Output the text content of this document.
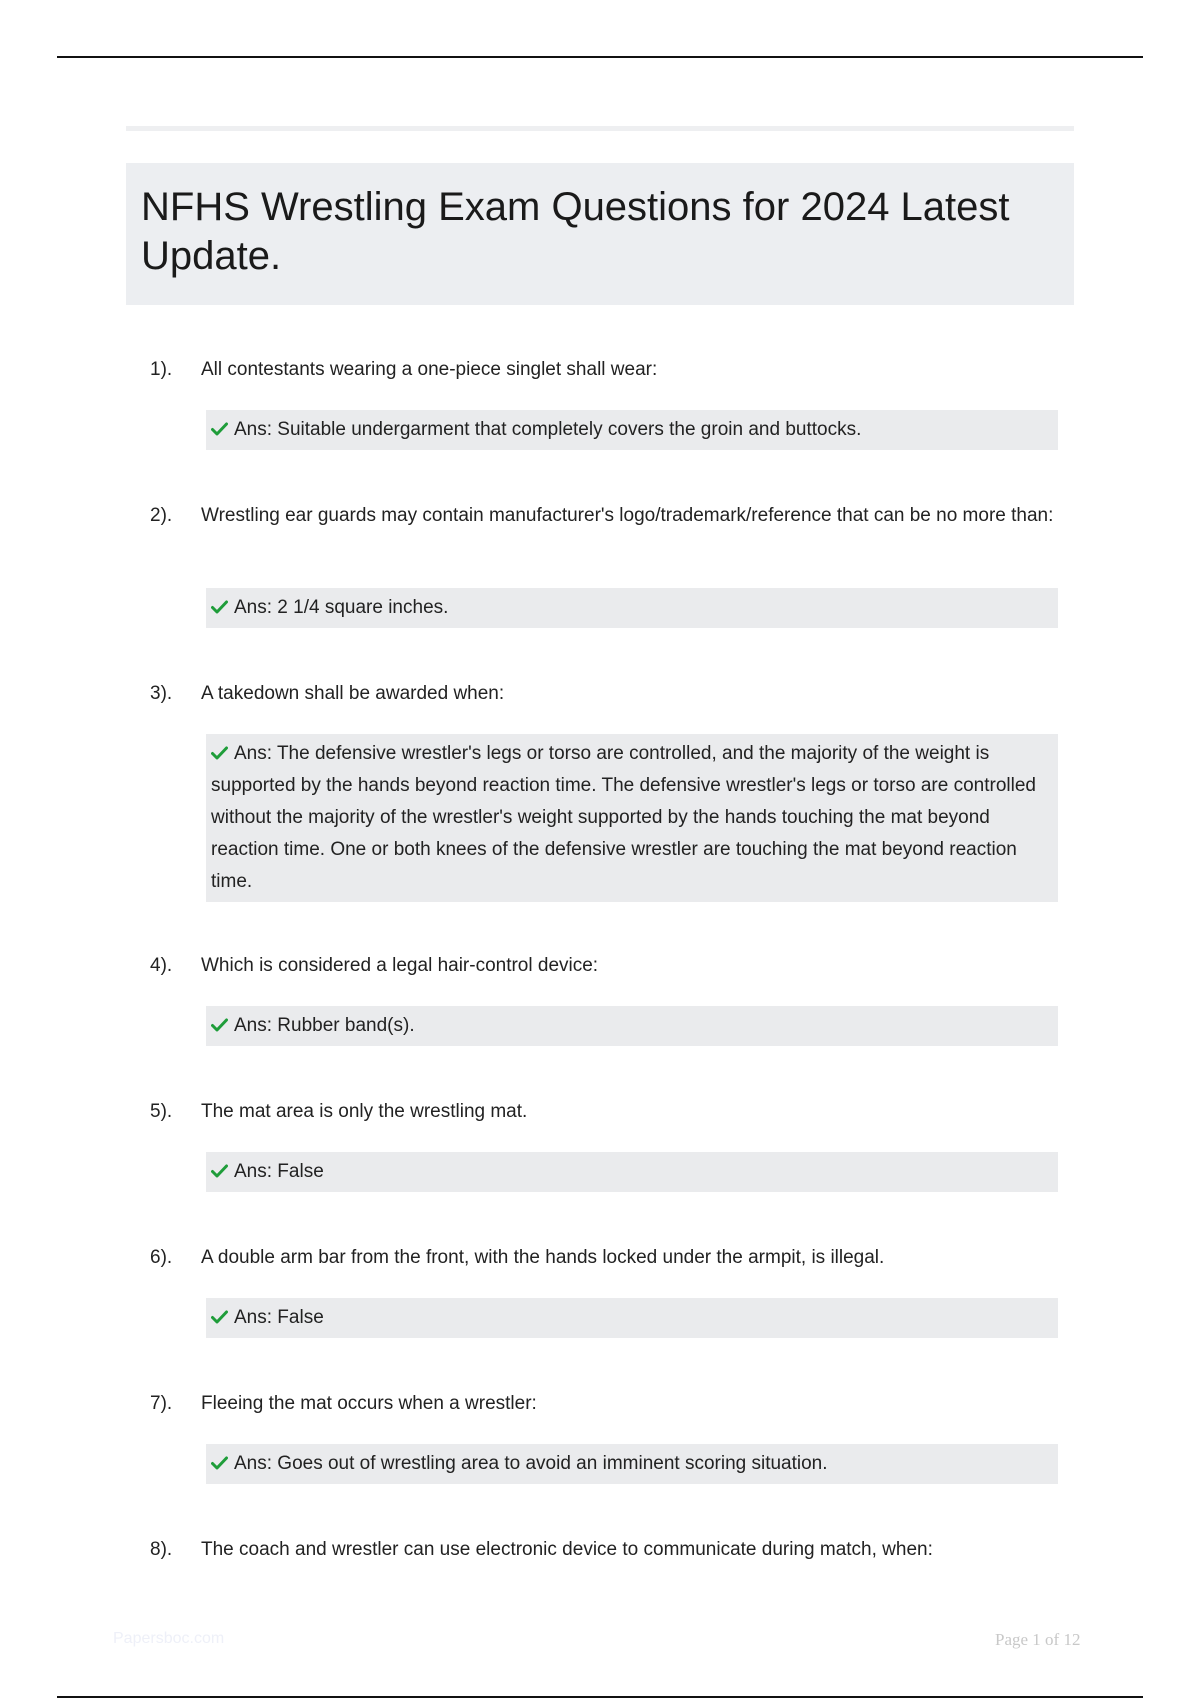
NFHS Wrestling Exam Questions for 2024 Latest Update.
1). All contestants wearing a one-piece singlet shall wear:
Ans: Suitable undergarment that completely covers the groin and buttocks.
2). Wrestling ear guards may contain manufacturer's logo/trademark/reference that can be no more than:
Ans: 2 1/4 square inches.
3). A takedown shall be awarded when:
Ans: The defensive wrestler's legs or torso are controlled, and the majority of the weight is supported by the hands beyond reaction time. The defensive wrestler's legs or torso are controlled without the majority of the wrestler's weight supported by the hands touching the mat beyond reaction time. One or both knees of the defensive wrestler are touching the mat beyond reaction time.
4). Which is considered a legal hair-control device:
Ans: Rubber band(s).
5). The mat area is only the wrestling mat.
Ans: False
6). A double arm bar from the front, with the hands locked under the armpit, is illegal.
Ans: False
7). Fleeing the mat occurs when a wrestler:
Ans: Goes out of wrestling area to avoid an imminent scoring situation.
8). The coach and wrestler can use electronic device to communicate during match, when:
Papersboc.com	Page 1 of 12
